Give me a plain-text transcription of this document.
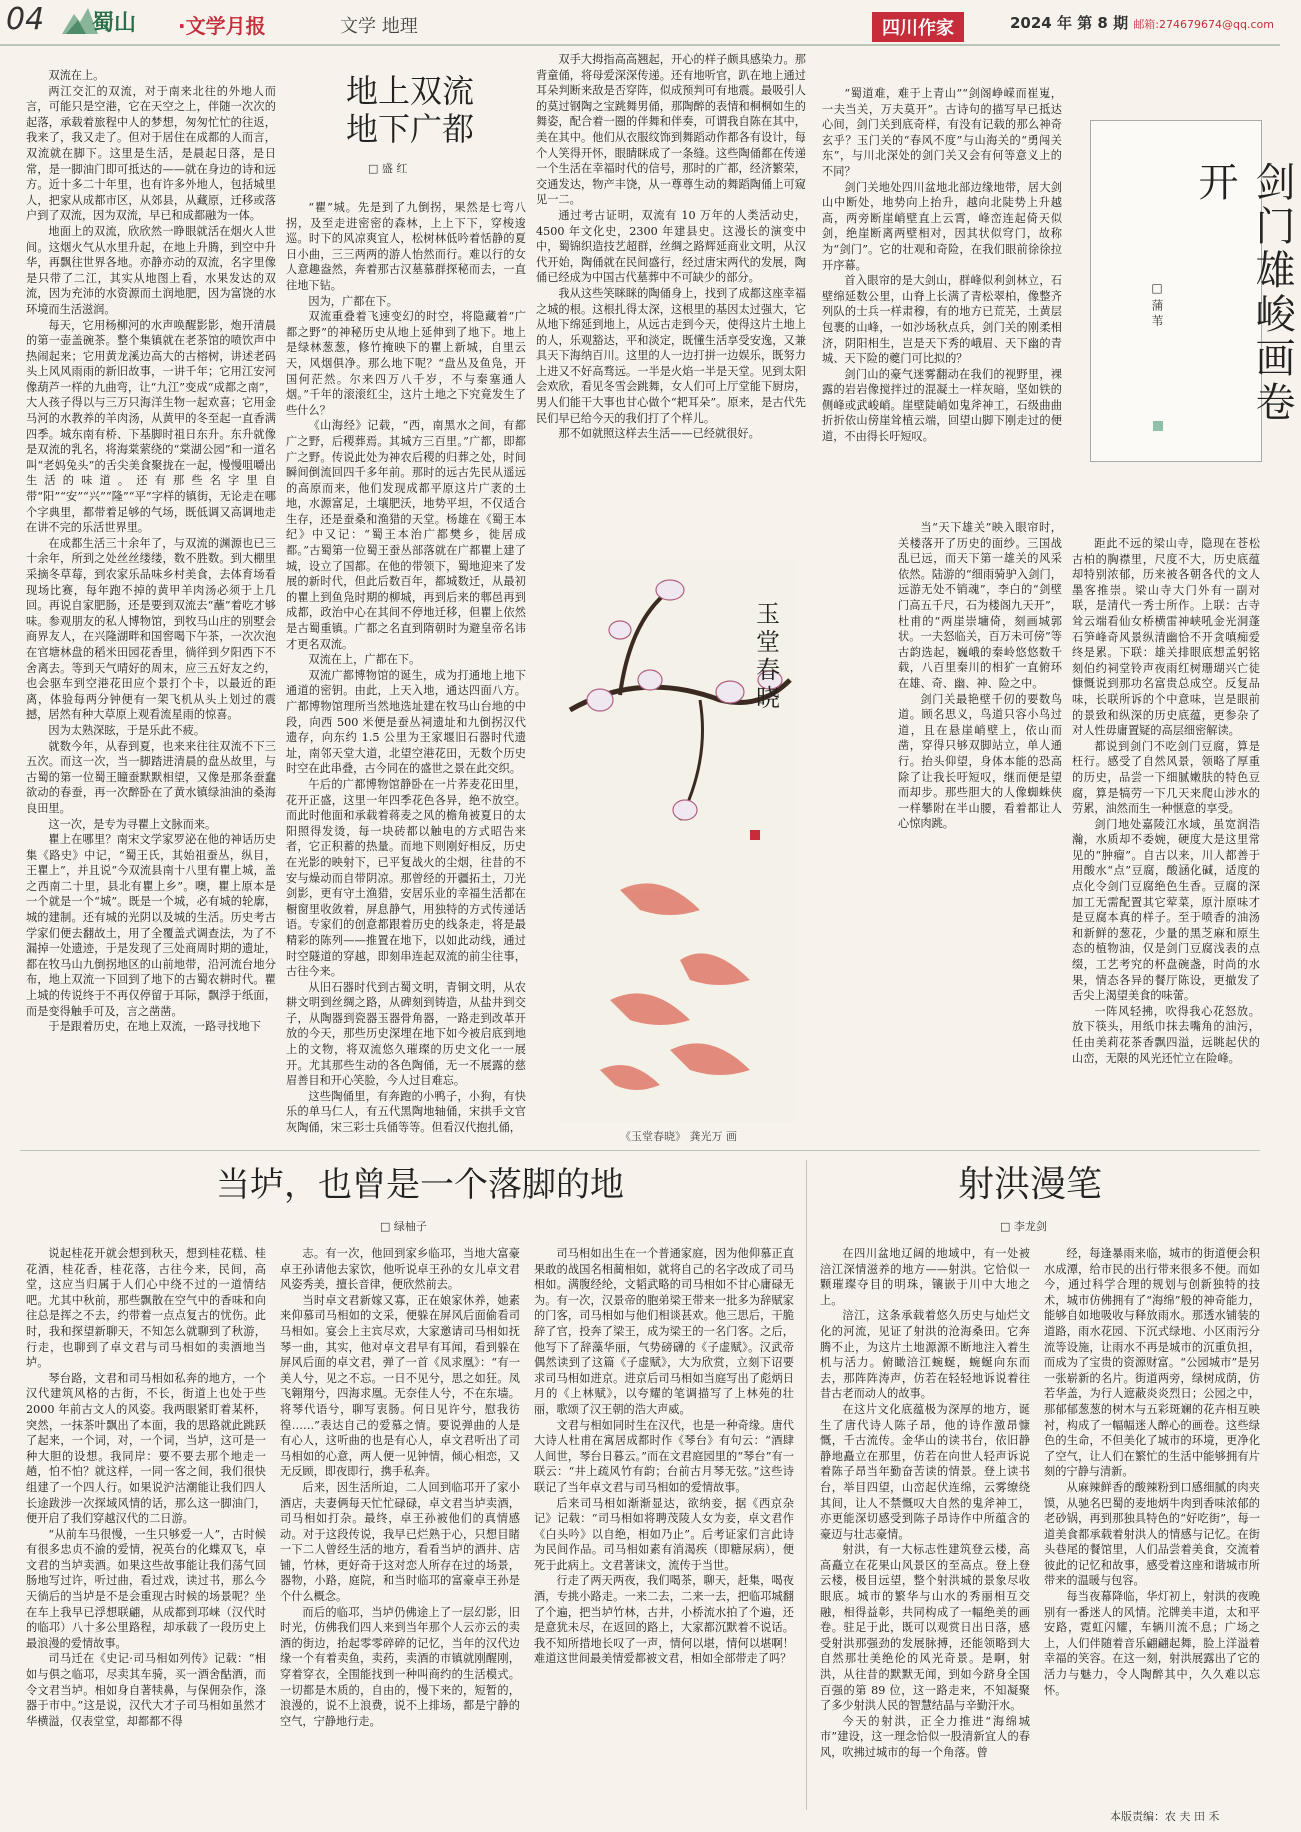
04 蜀山 ·文学月报	文学 地理	四川作家	2024 年 第 8 期 邮箱:274679674@qq.com

双流在上。

两江交汇的双流，对于南来北往的外地人而言，可能只是空港，它在天空之上，伴随一次次的起落，承载着旅程中人的梦想，匆匆忙忙的往返，我来了，我又走了。但对于居住在成都的人而言，双流就在脚下。这里是生活，是晨起日落，是日常，是一脚油门即可抵达的——就在身边的诗和远方。近十多二十年里，也有许多外地人，包括城里人，把家从成都市区，从郊县，从藏原，迁移或落户到了双流，因为双流，早已和成都融为一体。

地面上的双流，欣欣然一睁眼就活在烟火人世间。这烟火气从水里升起，在地上升腾，到空中升华，再飘往世界各地。亦静亦动的双流，名字里像是只带了二江，其实从地图上看，水果发达的双流，因为充沛的水资源而土润地肥，因为富饶的水环境而生活滋润。

每天，它用杨柳河的水声唤醒影影，炮开清晨的第一壶盖碗茶。整个集镇就在老茶馆的喷饮声中热闹起来；它用黄龙溪边高大的古榕树，讲述老码头上风风雨雨的新旧故事，一讲千年；它用江安河像葫芦一样的九曲弯，让“九江”变成“成都之南”，大人孩子得以与三万只海洋生物一起欢喜；它用金马河的水教养的羊肉汤，从黄甲的冬至起一直香满四季。城东南有桥、下基脚时祖日东升。东升就像是双流的乳名，将海棠萦绕的“棠湖公园”和一道名叫“老妈兔头”的舌尖美食聚拢在一起，慢慢咀嚼出生活的味道。还有那些名字里自带“阳”“安”“兴”“隆”“平”字样的镇街，无论走在哪个字典里，都带着足够的气场，既低调又高调地走在讲不完的乐活世界里。

在成都生活三十余年了，与双流的渊源也已三十余年，所到之处丝丝缕缕，数不胜数。到大棚里采摘冬草莓，到农家乐品味乡村美食，去体育场看现场比赛，每年跑不掉的黄甲羊肉汤必须于上几回。再说自家肥肠，还是要到双流去“蘸”着吃才够味。参观朋友的私人博物馆，到牧马山庄的别墅会商界友人，在兴隆湖畔和国窖喝下午茶，一次次泡在官塘林盘的稻米田园花香里，徜徉到夕阳西下不舍离去。等到天气晴好的周末，应三五好友之约，也会驱车到空港花田应个景打个卡，以最近的距离，体验每两分钟便有一架飞机从头上划过的震撼，居然有种大草原上观看流星雨的惊喜。

因为太熟深眩，于是乐此不疲。

就数今年，从春到夏，也来来往往双流不下三五次。而这一次，当一脚踏进清晨的盘丛故里，与古蜀的第一位蜀王瞳蚕默默相望，又像是那条蚕蠢欲动的春蚕，再一次醉卧在了黄水镇绿油油的桑海良田里。

这一次，是专为寻瞿上文脉而来。

瞿上在哪里？南宋文学家罗泌在他的神话历史集《路史》中记，“蜀王氏，其始祖蚕丛，纵目，王瞿上”，并且说“今双流县南十八里有瞿上城，盖之西南二十里，县北有瞿上乡”。噢，瞿上原本是一个就是一个“城”。既是一个城，必有城的轮廓，城的建制。还有城的光阴以及城的生活。历史考古学家们便去翻故土，用了全覆盖式调查法，为了不漏掉一处遗迹，于是发现了三处商周时期的遗址，都在牧马山九倒拐地区的山前地带，沿河流台地分布，地上双流一下回到了地下的古蜀农耕时代。瞿上城的传说终于不再仅停留于耳际，飘浮于纸面，而是变得触手可及，言之凿凿。

于是跟着历史，在地上双流，一路寻找地下

地上双流
地下广都
□ 盛 红

“瞿”城。先是到了九倒拐，果然是七弯八拐，及至走进密密的森林，上上下下，穿梭逡巡。时下的风凉爽宜人，松树林低吟着恬静的夏日小曲，三三两两的游人怡然而行。难以行的女人意趣盎然，奔着那古汉墓慕群探秘而去，一直往地下钻。

因为，广都在下。

双流重叠着飞速变幻的时空，将隐藏着“广都之野”的神秘历史从地上延伸到了地下。地上是绿林葱葱，修竹掩映下的瞿上新城，自里云天，风烟俱净。那么地下呢？“盘丛及鱼凫，开国何茫然。尔来四万八千岁，不与秦塞通人烟。”千年的滚滚红尘，这片土地之下究竟发生了些什么？

《山海经》记载，“西，南黑水之间，有都广之野，后稷葬焉。其城方三百里。”广都，即都广之野。传说此处为神农后稷的归葬之处，时间瞬间倒流回四千多年前。那时的远古先民从遥远的高原而来，他们发现成都平原这片广袤的土地，水源富足，土壤肥沃，地势平坦，不仅适合生存，还是蚕桑和渔猎的天堂。杨雄在《蜀王本纪》中又记：“蜀王本治广都樊乡，徙居成都。”古蜀第一位蜀王蚕丛部落就在广都瞿上建了城，设立了国都。在他的带领下，蜀地迎来了发展的新时代，但此后数百年，都城数迁，从最初的瞿上到鱼凫时期的柳城，再到后来的郫邑再到成都，政治中心在其间不停地迁移，但瞿上依然是古蜀重镇。广都之名直到隋朝时为避皇帝名讳才更名双流。

双流在上，广都在下。

双流广都博物馆的诞生，成为打通地上地下通道的密钥。由此，上天入地，通达四面八方。广都博物馆理所当然地选址建在牧马山台地的中段，向西 500 米便是蚕丛祠遗址和九倒拐汉代遗存，向东约 1.5 公里为王家堰旧石器时代遗址，南邻天堂大道，北望空港花田，无数个历史时空在此串叠，古今同在的盛世之景在此交织。

午后的广都博物馆静卧在一片荞麦花田里，花开正盛，这里一年四季花色各异，绝不放空。而此时他面和承载着蒋麦之风的檐角被夏日的太阳照得发烫，每一块砖都以触电的方式昭告来者，它正积蓄的热量。而地下则刚好相反，历史在光影的映射下，已平复战火的尘烟，往昔的不安与燥动而自带阴凉。那曾经的开疆拓土，刀光剑影，更有守土渔猎，安居乐业的幸福生活都在橱窗里收敛着，屏息静气，用独特的方式传递话语。专家们的创意都跟着历史的线条走，将是最精彩的陈列——推置在地下，以如此动线，通过时空隧道的穿越，即刻串连起双流的前尘往事，古往今来。

从旧石器时代到古蜀文明，青铜文明，从农耕文明到丝绸之路，从碑刻到铸造，从盐井到交子，从陶器到瓷器玉器骨角器，一路走到改革开放的今天，那些历史深埋在地下如今被启底到地上的文物，将双流悠久璀璨的历史文化一一展开。尤其那些生动的各色陶俑，无一不展露的慈眉善目和开心笑脸，今人过目难忘。

这些陶俑里，有奔跑的小鸭子，小狗，有快乐的单马仁人，有五代黑陶地轴俑，宋拱手文官灰陶俑，宋三彩士兵俑等等。但看汉代抱扎俑，

双手大拇指高高翘起，开心的样子颇具感染力。那背童俑，将母爱深深传递。还有地听官，趴在地上通过耳朵判断来敌是否穿阵，似成预判可有地震。最吸引人的莫过钢陶之宝跳舞男俑，那陶醉的表情和桐桐如生的舞姿，配合着一圈的伴舞和伴奏，可谓我自陈在其中，美在其中。他们从衣服纹饰到舞蹈动作都各有设计，每个人笑得开怀，眼睛眯成了一条缝。这些陶俑都在传递一个生活在幸福时代的信号，那时的广都，经济繁荣，交通发达，物产丰饶，从一尊尊生动的舞蹈陶俑上可窥见一二。

通过考古证明，双流有 10 万年的人类活动史，4500 年文化史，2300 年建县史。这漫长的演变中中，蜀锦织造技艺超群，丝绸之路辉延商业文明，从汉代开始，陶俑就在民间盛行，经过唐宋两代的发展，陶俑已经成为中国古代墓葬中不可缺少的部分。

我从这些笑眯眯的陶俑身上，找到了成都这座幸福之城的根。这根扎得太深，这根里的基因太过强大，它从地下绵延到地上，从远古走到今天，使得这片土地上的人，乐观豁达，平和淡定，既懂生活享受安逸，又兼具天下海纳百川。这里的人一边打拼一边娱乐，既努力上进又不好高骛远。一半是火焰一半是天堂。见到太阳会欢欣，看见冬雪会跳舞，女人们可上厅堂能下厨房，男人们能干大事也甘心做个“耙耳朵”。原来，是古代先民们早已给今天的我们打了个样儿。

那不如就照这样去生活——已经就很好。

玉堂春晓
《玉堂春晓》 龚光万 画

“蜀道难，难于上青山”“剑阁峥嵘而崔嵬，一夫当关，万夫莫开”。古诗句的描写早已抵达心间，剑门关到底奇样，有没有记载的那么神奇玄乎？玉门关的“春风不度”与山海关的“勇闯关东”，与川北深处的剑门关又会有何等意义上的不同？

剑门关地处四川盆地北部边缘地带，居大剑山中断处，地势向上抬升，越向北陡势上升越高，两旁断崖峭壁直上云霄，峰峦连起倚天似剑，绝崖断离两壁相对，因其状似穹门，故称为“剑门”。它的壮观和奇险，在我们眼前徐徐拉开序幕。

首入眼帘的是大剑山，群峰似利剑林立，石壁绵延数公里，山脊上长满了青松翠柏，像整齐列队的士兵一样肃穆，有的地方已荒芜，土黄层包裹的山峰，一如沙场秋点兵，剑门关的刚柔相济，阴阳相生，岂是天下秀的峨眉、天下幽的青城、天下险的夔门可比拟的？

剑门山的豪气迷雾翻动在我们的视野里，裸露的岩岩像搅拌过的混凝土一样灰暗，坚如铁的侧峰或武峻峭。崖壁陡峭如鬼斧神工，石级曲曲折折依山傍崖耸植云端，回望山脚下刚走过的便道，不由得长吁短叹。

当“天下雄关”映入眼帘时，关楼落开了历史的面纱。三国战乱已远，而天下第一雄关的风采依然。陆游的“细雨骑驴入剑门，远游无处不销魂”，李白的“剑壁门高五千尺，石为楼阁九天开”，杜甫的“两崖崇墉倚，刻画城郭状。一夫怒临关，百万未可傍”等古韵选起，巍峨的秦岭悠悠数千载，八百里秦川的相犷一直俯环在雄、奇、幽、神、险之中。

剑门关最艳壁千仞的要数鸟道。顾名思义，鸟道只容小鸟过道，且在悬崖峭壁上，依山而凿，穿得只够双脚站立，单人通行。抬头仰望，身体本能的恐高除了让我长吁短叹，继而便是望而却步。那些胆大的人像蜘蛛侠一样攀附在半山腰，看着都让人心惊肉跳。

剑门雄峻画卷开
□ 蒲 苇

距此不远的梁山寺，隐现在苍松古柏的胸襟里，尺度不大，历史底蕴却特别浓郁，历来被各朝各代的文人墨客推崇。梁山寺大门外有一副对联，是清代一秀士所作。上联：古寺耸云端看仙女桥横雷神峡吼金光洞蓬石笋峰奇风景纵清幽恰不开贪嗔痴爱终是累。下联：雄关排眼底想孟躬铭刻伯约祠堂铃声夜雨红树珊瑚兴亡徒慷慨说到那功名富贵总成空。反复品味，长联所诉的个中意味，岂是眼前的景致和纵深的历史底蕴，更参杂了对人性毋庸置疑的高层细密解读。

都说到剑门不吃剑门豆腐，算是枉行。感受了自然风景，领略了厚重的历史，品尝一下细腻嫩肤的特色豆腐，算是犒劳一下几天来爬山涉水的劳累，油然而生一种惬意的享受。

剑门地处嘉陵江水域，虽宽润浩瀚，水质却不委婉，硬度大是这里常见的“肿瘤”。自古以来，川人都善于用酸水“点”豆腐，酸涵化碱，适度的点化令剑门豆腐绝色生香。豆腐的深加工无需配置其它荤菜，原汁原味才是豆腐本真的样子。至于喷香的油汤和新鲜的葱花，少量的黑芝麻和原生态的植物油，仅是剑门豆腐浅表的点缀，工艺考究的杯盘碗盏，时尚的水果，情态各异的餐厅陈设，更撤发了舌尖上渴望美食的味蕾。

一阵风轻拂，吹得我心花怒放。放下筷头，用纸巾抹去嘴角的油污，任由美莉花茶香飘四溢，远眺起伏的山峦，无限的风光还忙立在险峰。

当垆，也曾是一个落脚的地
□ 绿柚子

说起桂花开就会想到秋天，想到桂花糕、桂花酒，桂花香，桂花落，古往今来，民间，高堂，这应当归属于人们心中绕不过的一道情结吧。尤其中秋前，那些飘散在空气中的香味和向往总是挥之不去，约带着一点点复古的忧伤。此时，我和探望新聊天，不知怎么就聊到了秋游，行走，也聊到了卓文君与司马相如的卖酒地当垆。

琴台路，文君和司马相如私奔的地方，一个汉代建筑风格的古街，不长，街道上也处于些 2000 年前古文人的风姿。我两眼紧盯着某杯，突然，一抹茶叶飘出了本面，我的思路就此跳跃了起来，一个词，对，一个词，当垆，这可是一种大胆的设想。我同岸：要不要去那个地走一趟，怕不怕？就这样，一同一客之间，我们很快组建了一个四人行。如果说沪沽潮能让我们四人长途跋涉一次探域风情的话，那么这一脚油门，便开启了我们穿越汉代的二日游。

“从前车马很慢，一生只够爱一人”，古时候有很多忠贞不渝的爱情，祝英台的化蝶双飞，卓文君的当垆卖酒。如果这些故事能让我们荡气回肠地写过许，听过曲，看过戏，读过书，那么今天徜后的当垆是不是会重现古时候的场景呢？坐在车上我早已浮想联翩，从成都到邛崃（汉代时的临邛）八十多公里路程，却承载了一段历史上最浪漫的爱情故事。

司马迁在《史记·司马相如列传》记载：“相如与俱之临邛，尽卖其车骑，买一酒舍酤酒，而令文君当垆。相如身自著犊鼻，与保佣杂作，涤器于市中。”这是说，汉代大才子司马相如虽然才华横溢，仅表堂堂，却都都不得

志。有一次，他回到家乡临邛，当地大富豪卓王孙请他去家饮，他听说卓王孙的女儿卓文君风姿秀美，擅长音律，便欣然前去。

当时卓文君新嫁又寡，正在娘家休养，她素来仰慕司马相如的文采，便躲在屏风后面偷看司马相如。宴会上主宾尽欢，大家邀请司马相如抚琴一曲，其实，他对卓文君早有耳闻，看到躲在屏风后面的卓文君，弹了一首《凤求凰》：“有一美人兮，见之不忘。一日不见兮，思之如狂。凤飞翱翔兮，四海求凰。无奈佳人兮，不在东墙。将琴代语兮，聊写衷肠。何日见许兮，慰我彷徨……”表达自己的爱慕之情。要说弹曲的人是有心人，这听曲的也是有心人，卓文君听出了司马相如的心意，两人便一见钟情，倾心相恋，又无反顾，即夜即行，携手私奔。

后来，因生活所迫，二人回到临邛开了家小酒店，夫妻俩每天忙忙碌碌，卓文君当垆卖酒，司马相如打杂。最终，卓王孙被他们的真情感动。对于这段传说，我早已烂熟于心，只想目睹一下二人曾经生活的地方，看看当垆的酒井、店铺，竹林，更好奇于这对恋人所存在过的场景，器物，小路，庭院，和当时临邛的富豪卓王孙是个什么概念。

而后的临邛，当垆仍佛途上了一层幻影，旧时光，仿佛我们四人来到当年那个人云亦云的卖酒的街边，抬起零零碎碎的记忆，当年的汉代边缘一个有着卖鱼，卖药，卖酒的市镇就刚醒刚，穿着穿衣，全围能找到一种叫商约的生活模式。一切都是木质的，自由的，慢下来的，短暂的，浪漫的，说不上浪费，说不上排场，都是宁静的空气，宁静地行走。

司马相如出生在一个普通家庭，因为他仰慕正直果敢的战国名相蔺相如，就将自己的名字改成了司马相如。满腹经纶，文韬武略的司马相如不甘心庸碌无为。有一次，汉景帝的胞弟梁王带来一批多为辞赋家的门客，司马相如与他们相谈甚欢。他三思后，干脆辞了官，投奔了梁王，成为梁王的一名门客。之后，他写下了辞藻华丽，气势磅礴的《子虚赋》。汉武帝偶然读到了这篇《子虚赋》，大为欣赏，立刻下诏要求司马相如进京。进京后司马相如当庭写出了彪炳日月的《上林赋》，以夸耀的笔调描写了上林苑的壮丽，歌颂了汉王朝的浩大声威。

文君与相如同时生在汉代，也是一种奇缘。唐代大诗人杜甫在寓居成都时作《琴台》有句云：“酒肆人间世，琴台日暮云。”而在文君庭园里的“琴台”有一联云：“井上疏风竹有韵；台前古月琴无弦。”这些诗联记了当年卓文君与司马相如的爱情故事。

后来司马相如渐渐显达，欲纳妾，据《西京杂记》记载：“司马相如将聘茂陵人女为妾，卓文君作《白头吟》以自绝，相如乃止”。后考证家们言此诗为民间作品。司马相如素有消渴疾（即糖尿病），便死于此病上。文君著诔文，流传于当世。

行走了两天两夜，我们喝茶，聊天，赶集，喝夜酒，专挑小路走。一来二去，二来一去，把临邛城翻了个遍，把当垆竹林，古井，小桥流水拍了个遍，还是意犹未尽，在返回的路上，大家都沉默着不说话。我不知所措地长叹了一声，情何以堪，情何以堪啊！难道这世间最美情爱都被文君，相如全部带走了吗？

射洪漫笔
□ 李龙剑

在四川盆地辽阔的地域中，有一处被涪江深情滋养的地方——射洪。它恰似一颗璀璨夺目的明珠，镶嵌于川中大地之上。

涪江，这条承载着悠久历史与灿烂文化的河流，见证了射洪的沧海桑田。它奔腾不止，为这片土地源源不断地注入着生机与活力。俯瞰涪江蜿蜒，蜿蜒向东而去，那阵阵涛声，仿若在轻轻地诉说着往昔古老而动人的故事。

在这片文化底蕴极为深厚的地方，诞生了唐代诗人陈子昂，他的诗作激昂慷慨，千古流传。金华山的读书台，依旧静静地矗立在那里，仿若在向世人轻声诉说着陈子昂当年勤奋苦读的情景。登上读书台，举目四望，山峦起伏连绵，云雾缭绕其间，让人不禁慨叹大自然的鬼斧神工，亦更能深切感受到陈子昂诗作中所蕴含的豪迈与壮志豪情。

射洪，有一大标志性建筑登云楼，高高矗立在花果山风景区的至高点。登上登云楼，极目远望，整个射洪城的景象尽收眼底。城市的繁华与山水的秀丽相互交融，相得益彰，共同构成了一幅绝美的画卷。驻足于此，既可以观赏日出日落，感受射洪那强劲的发展脉搏，还能领略到大自然那壮美绝伦的风光奇景。是啊，射洪，从往昔的默默无闻，到如今跻身全国百强的第 89 位，这一路走来，不知凝聚了多少射洪人民的智慧结晶与辛勤汗水。

今天的射洪，正全力推进“海绵城市”建设，这一理念恰似一股清新宜人的春风，吹拂过城市的每一个角落。曾

经，每逢暴雨来临，城市的街道便会积水成潭，给市民的出行带来很多不便。而如今，通过科学合理的规划与创新独特的技术，城市仿佛拥有了“海绵”般的神奇能力，能够自如地吸收与释放雨水。那透水铺装的道路，雨水花园、下沉式绿地、小区雨污分流等设施，让雨水不再是城市的沉重负担，而成为了宝贵的资源财富。“公园城市”是另一张崭新的名片。街道两旁，绿树成荫，仿若华盖，为行人遮蔽炎炎烈日；公园之中，那郁郁葱葱的树木与五彩斑斓的花卉相互映衬，构成了一幅幅迷人醉心的画卷。这些绿色的生命，不但美化了城市的环境，更净化了空气，让人们在繁忙的生活中能够拥有片刻的宁静与清新。

从麻辣鲜香的酸辣粉到口感细腻的肉夹馍，从驰名巴蜀的麦地炳牛肉到香味浓郁的老砂锅，再到那独具特色的“好吃街”，每一道美食都承载着射洪人的情感与记忆。在街头巷尾的餐馆里，人们品尝着美食，交流着彼此的记忆和故事，感受着这座和谐城市所带来的温暖与包容。

每当夜幕降临，华灯初上，射洪的夜晚别有一番迷人的风情。沱牌美丰道，太和平安路，霓虹闪耀，车辆川流不息；广场之上，人们伴随着音乐翩翩起舞，脸上洋溢着幸福的笑容。在这一刻，射洪展露出了它的活力与魅力，令人陶醉其中，久久难以忘怀。

本版责编：农 夫 田 禾
